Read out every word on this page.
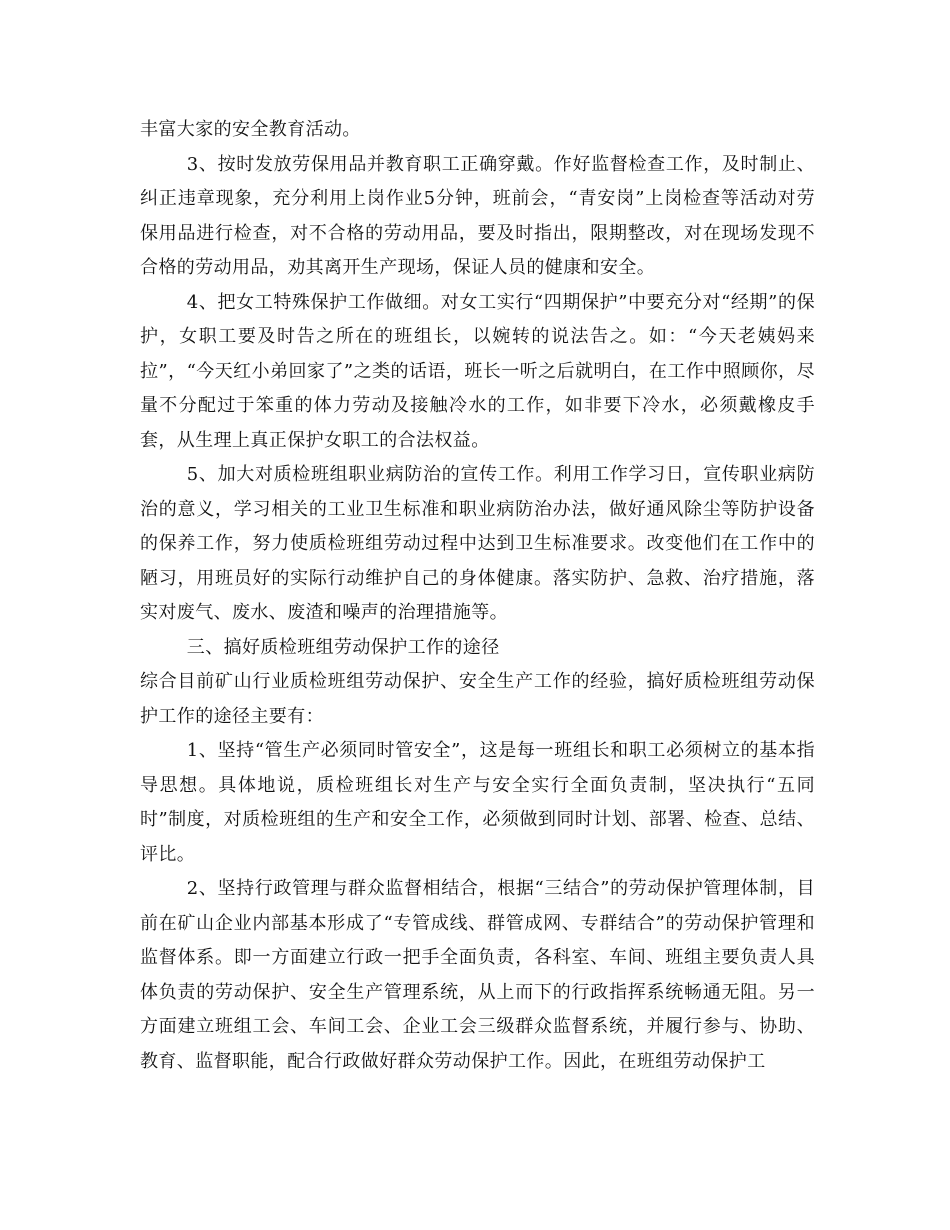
丰富大家的安全教育活动。

3、按时发放劳保用品并教育职工正确穿戴。作好监督检查工作，及时制止、纠正违章现象，充分利用上岗作业5分钟，班前会，“青安岗”上岗检查等活动对劳保用品进行检查，对不合格的劳动用品，要及时指出，限期整改，对在现场发现不合格的劳动用品，劝其离开生产现场，保证人员的健康和安全。

4、把女工特殊保护工作做细。对女工实行“四期保护”中要充分对“经期”的保护，女职工要及时告之所在的班组长，以婉转的说法告之。如：“今天老姨妈来拉”，“今天红小弟回家了”之类的话语，班长一听之后就明白，在工作中照顾你，尽量不分配过于笨重的体力劳动及接触冷水的工作，如非要下冷水，必须戴橡皮手套，从生理上真正保护女职工的合法权益。

5、加大对质检班组职业病防治的宣传工作。利用工作学习日，宣传职业病防治的意义，学习相关的工业卫生标准和职业病防治办法，做好通风除尘等防护设备的保养工作，努力使质检班组劳动过程中达到卫生标准要求。改变他们在工作中的陋习，用班员好的实际行动维护自己的身体健康。落实防护、急救、治疗措施，落实对废气、废水、废渣和噪声的治理措施等。

三、搞好质检班组劳动保护工作的途径

综合目前矿山行业质检班组劳动保护、安全生产工作的经验，搞好质检班组劳动保护工作的途径主要有：

1、坚持“管生产必须同时管安全”，这是每一班组长和职工必须树立的基本指导思想。具体地说，质检班组长对生产与安全实行全面负责制，坚决执行“五同时”制度，对质检班组的生产和安全工作，必须做到同时计划、部署、检查、总结、评比。

2、坚持行政管理与群众监督相结合，根据“三结合”的劳动保护管理体制，目前在矿山企业内部基本形成了“专管成线、群管成网、专群结合”的劳动保护管理和监督体系。即一方面建立行政一把手全面负责，各科室、车间、班组主要负责人具体负责的劳动保护、安全生产管理系统，从上而下的行政指挥系统畅通无阻。另一方面建立班组工会、车间工会、企业工会三级群众监督系统，并履行参与、协助、教育、监督职能，配合行政做好群众劳动保护工作。因此，在班组劳动保护工
